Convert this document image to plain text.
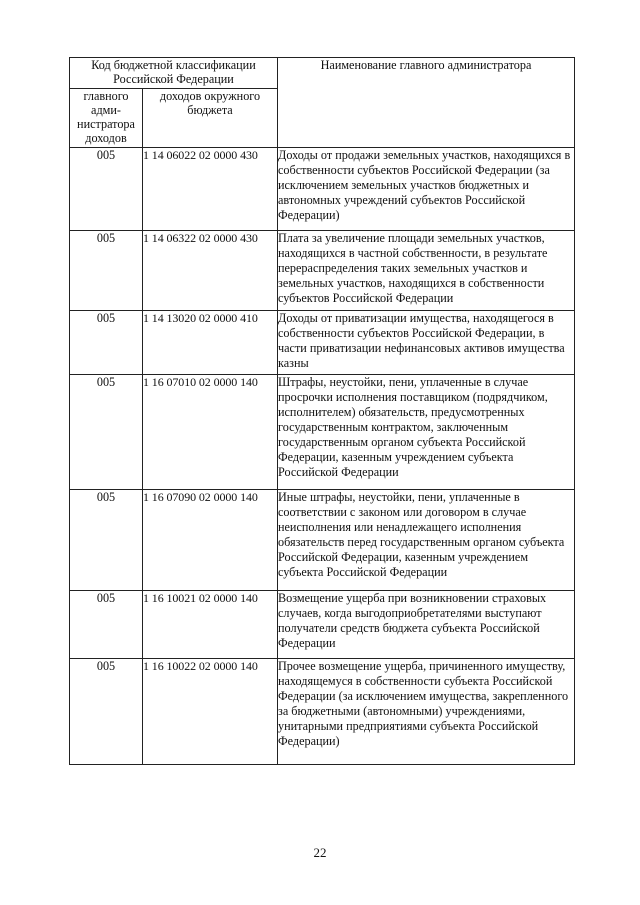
Код бюджетной классификации Российской Федерации		Наименование главного администратора
главного адми-нистратора доходов	доходов окружного бюджета	
005	1 14 06022 02 0000 430	Доходы от продажи земельных участков, находящихся в собственности субъектов Российской Федерации (за исключением земельных участков бюджетных и автономных учреждений субъектов Российской Федерации)
005	1 14 06322 02 0000 430	Плата за увеличение площади земельных участков, находящихся в частной собственности, в результате перераспределения таких земельных участков и земельных участков, находящихся в собственности субъектов Российской Федерации
005	1 14 13020 02 0000 410	Доходы от приватизации имущества, находящегося в собственности субъектов Российской Федерации, в части приватизации нефинансовых активов имущества казны
005	1 16 07010 02 0000 140	Штрафы, неустойки, пени, уплаченные в случае просрочки исполнения поставщиком (подрядчиком, исполнителем) обязательств, предусмотренных государственным контрактом, заключенным государственным органом субъекта Российской Федерации, казенным учреждением субъекта Российской Федерации
005	1 16 07090 02 0000 140	Иные штрафы, неустойки, пени, уплаченные в соответствии с законом или договором в случае неисполнения или ненадлежащего исполнения обязательств перед государственным органом субъекта Российской Федерации, казенным учреждением субъекта Российской Федерации
005	1 16 10021 02 0000 140	Возмещение ущерба при возникновении страховых случаев, когда выгодоприобретателями выступают получатели средств бюджета субъекта Российской Федерации
005	1 16 10022 02 0000 140	Прочее возмещение ущерба, причиненного имуществу, находящемуся в собственности субъекта Российской Федерации (за исключением имущества, закрепленного за бюджетными (автономными) учреждениями, унитарными предприятиями субъекта Российской Федерации)
22
